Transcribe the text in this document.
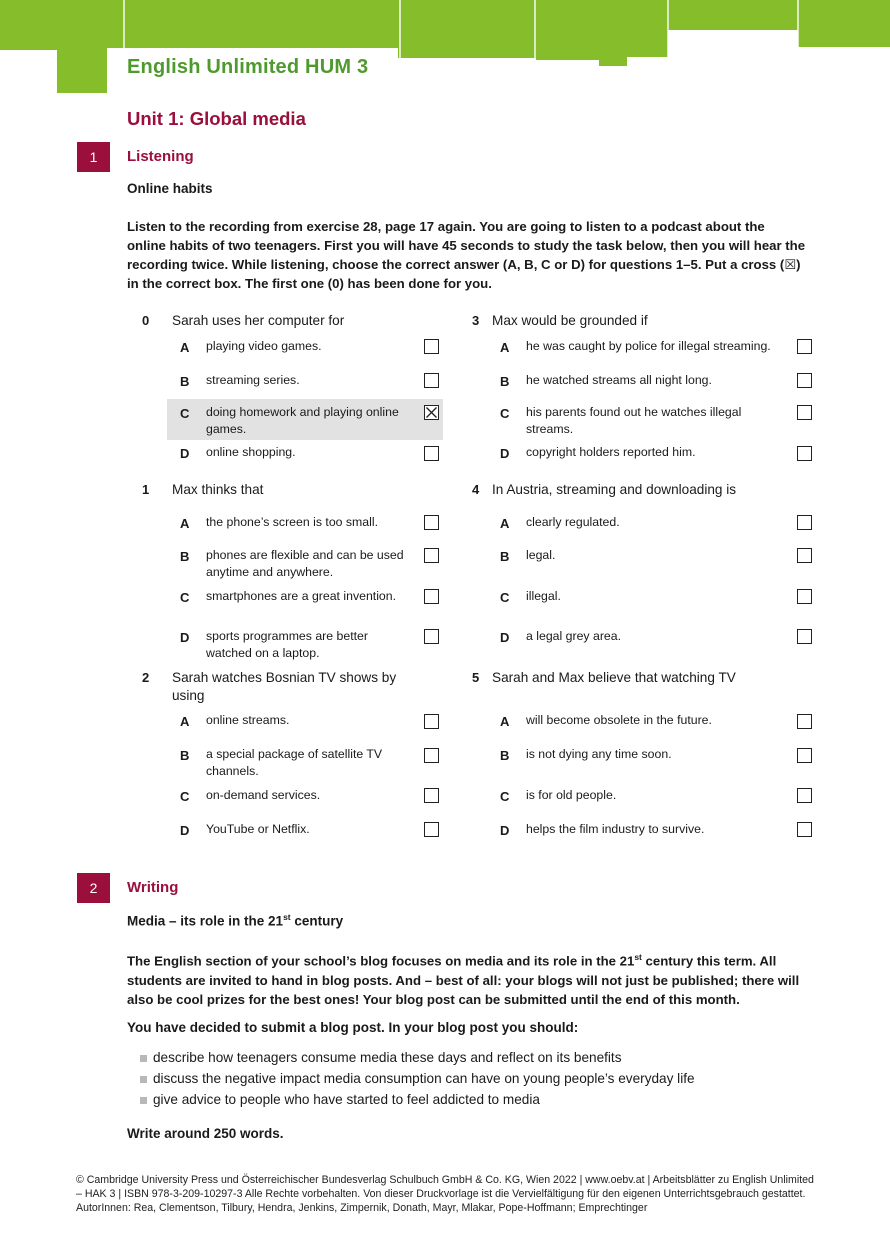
English Unlimited HUM 3
Unit 1: Global media
1	Listening
Online habits
Listen to the recording from exercise 28, page 17 again. You are going to listen to a podcast about the online habits of two teenagers. First you will have 45 seconds to study the task below, then you will hear the recording twice. While listening, choose the correct answer (A, B, C or D) for questions 1–5. Put a cross (☒) in the correct box. The first one (0) has been done for you.
0 Sarah uses her computer for
A playing video games.
B streaming series.
C doing homework and playing online games.
D online shopping.
1 Max thinks that
A the phone’s screen is too small.
B phones are flexible and can be used anytime and anywhere.
C smartphones are a great invention.
D sports programmes are better watched on a laptop.
2 Sarah watches Bosnian TV shows by using
A online streams.
B a special package of satellite TV channels.
C on-demand services.
D YouTube or Netflix.
3 Max would be grounded if
A he was caught by police for illegal streaming.
B he watched streams all night long.
C his parents found out he watches illegal streams.
D copyright holders reported him.
4 In Austria, streaming and downloading is
A clearly regulated.
B legal.
C illegal.
D a legal grey area.
5 Sarah and Max believe that watching TV
A will become obsolete in the future.
B is not dying any time soon.
C is for old people.
D helps the film industry to survive.
2	Writing
Media – its role in the 21st century
The English section of your school’s blog focuses on media and its role in the 21st century this term. All students are invited to hand in blog posts. And – best of all: your blogs will not just be published; there will also be cool prizes for the best ones! Your blog post can be submitted until the end of this month.
You have decided to submit a blog post. In your blog post you should:
describe how teenagers consume media these days and reflect on its benefits
discuss the negative impact media consumption can have on young people’s everyday life
give advice to people who have started to feel addicted to media
Write around 250 words.
© Cambridge University Press und Österreichischer Bundesverlag Schulbuch GmbH & Co. KG, Wien 2022 | www.oebv.at | Arbeitsblätter zu English Unlimited – HAK 3 | ISBN 978-3-209-10297-3 Alle Rechte vorbehalten. Von dieser Druckvorlage ist die Vervielfältigung für den eigenen Unterrichtsgebrauch gestattet.
AutorInnen: Rea, Clementson, Tilbury, Hendra, Jenkins, Zimpernik, Donath, Mayr, Mlakar, Pope-Hoffmann; Emprechtinger
